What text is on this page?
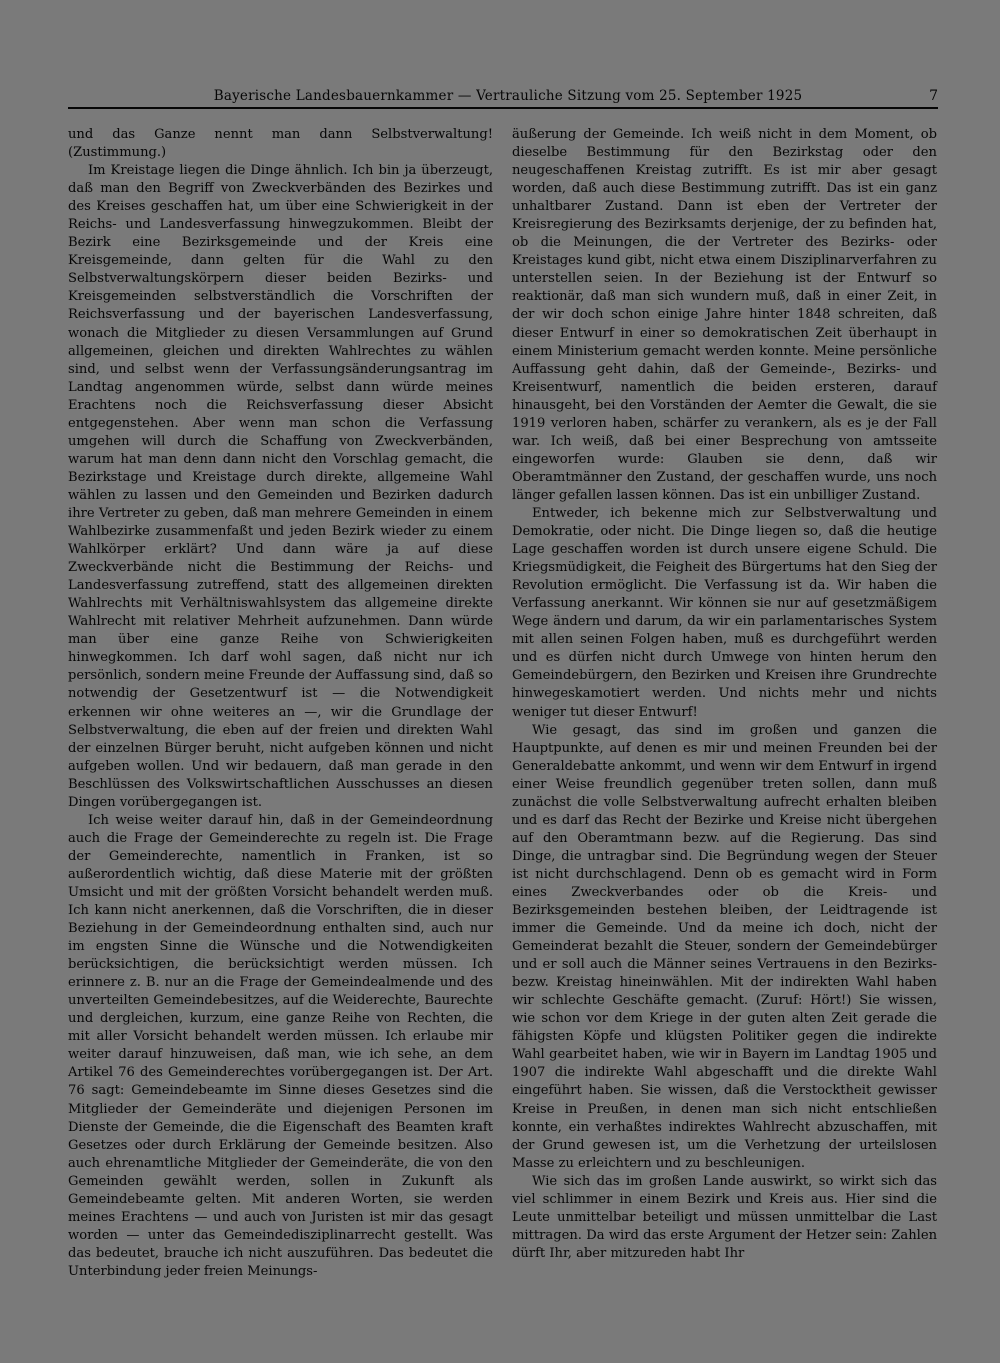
Bayerische Landesbauernkammer — Vertrauliche Sitzung vom 25. September 1925	7

und das Ganze nennt man dann Selbstverwaltung! (Zustimmung.)

Im Kreistage liegen die Dinge ähnlich. Ich bin ja überzeugt, daß man den Begriff von Zweckverbänden des Bezirkes und des Kreises geschaffen hat, um über eine Schwierigkeit in der Reichs- und Landesverfassung hinwegzukommen. Bleibt der Bezirk eine Bezirksgemeinde und der Kreis eine Kreisgemeinde, dann gelten für die Wahl zu den Selbstverwaltungskörpern dieser beiden Bezirks- und Kreisgemeinden selbstverständlich die Vorschriften der Reichsverfassung und der bayerischen Landesverfassung, wonach die Mitglieder zu diesen Versammlungen auf Grund allgemeinen, gleichen und direkten Wahlrechtes zu wählen sind, und selbst wenn der Verfassungsänderungsantrag im Landtag angenommen würde, selbst dann würde meines Erachtens noch die Reichsverfassung dieser Absicht entgegenstehen. Aber wenn man schon die Verfassung umgehen will durch die Schaffung von Zweckverbänden, warum hat man denn dann nicht den Vorschlag gemacht, die Bezirkstage und Kreistage durch direkte, allgemeine Wahl wählen zu lassen und den Gemeinden und Bezirken dadurch ihre Vertreter zu geben, daß man mehrere Gemeinden in einem Wahlbezirke zusammenfaßt und jeden Bezirk wieder zu einem Wahlkörper erklärt? Und dann wäre ja auf diese Zweckverbände nicht die Bestimmung der Reichs- und Landesverfassung zutreffend, statt des allgemeinen direkten Wahlrechts mit Verhältniswahlsystem das allgemeine direkte Wahlrecht mit relativer Mehrheit aufzunehmen. Dann würde man über eine ganze Reihe von Schwierigkeiten hinwegkommen. Ich darf wohl sagen, daß nicht nur ich persönlich, sondern meine Freunde der Auffassung sind, daß so notwendig der Gesetzentwurf ist — die Notwendigkeit erkennen wir ohne weiteres an —, wir die Grundlage der Selbstverwaltung, die eben auf der freien und direkten Wahl der einzelnen Bürger beruht, nicht aufgeben können und nicht aufgeben wollen. Und wir bedauern, daß man gerade in den Beschlüssen des Volkswirtschaftlichen Ausschusses an diesen Dingen vorübergegangen ist.

Ich weise weiter darauf hin, daß in der Gemeindeordnung auch die Frage der Gemeinderechte zu regeln ist. Die Frage der Gemeinderechte, namentlich in Franken, ist so außerordentlich wichtig, daß diese Materie mit der größten Umsicht und mit der größten Vorsicht behandelt werden muß. Ich kann nicht anerkennen, daß die Vorschriften, die in dieser Beziehung in der Gemeindeordnung enthalten sind, auch nur im engsten Sinne die Wünsche und die Notwendigkeiten berücksichtigen, die berücksichtigt werden müssen. Ich erinnere z. B. nur an die Frage der Gemeindealmende und des unverteilten Gemeindebesitzes, auf die Weiderechte, Baurechte und dergleichen, kurzum, eine ganze Reihe von Rechten, die mit aller Vorsicht behandelt werden müssen. Ich erlaube mir weiter darauf hinzuweisen, daß man, wie ich sehe, an dem Artikel 76 des Gemeinderechtes vorübergegangen ist. Der Art. 76 sagt: Gemeindebeamte im Sinne dieses Gesetzes sind die Mitglieder der Gemeinderäte und diejenigen Personen im Dienste der Gemeinde, die die Eigenschaft des Beamten kraft Gesetzes oder durch Erklärung der Gemeinde besitzen. Also auch ehrenamtliche Mitglieder der Gemeinderäte, die von den Gemeinden gewählt werden, sollen in Zukunft als Gemeindebeamte gelten. Mit anderen Worten, sie werden meines Erachtens — und auch von Juristen ist mir das gesagt worden — unter das Gemeindedisziplinarrecht gestellt. Was das bedeutet, brauche ich nicht auszuführen. Das bedeutet die Unterbindung jeder freien Meinungs-

äußerung der Gemeinde. Ich weiß nicht in dem Moment, ob dieselbe Bestimmung für den Bezirkstag oder den neugeschaffenen Kreistag zutrifft. Es ist mir aber gesagt worden, daß auch diese Bestimmung zutrifft. Das ist ein ganz unhaltbarer Zustand. Dann ist eben der Vertreter der Kreisregierung des Bezirksamts derjenige, der zu befinden hat, ob die Meinungen, die der Vertreter des Bezirks- oder Kreistages kund gibt, nicht etwa einem Disziplinarverfahren zu unterstellen seien. In der Beziehung ist der Entwurf so reaktionär, daß man sich wundern muß, daß in einer Zeit, in der wir doch schon einige Jahre hinter 1848 schreiten, daß dieser Entwurf in einer so demokratischen Zeit überhaupt in einem Ministerium gemacht werden konnte. Meine persönliche Auffassung geht dahin, daß der Gemeinde-, Bezirks- und Kreisentwurf, namentlich die beiden ersteren, darauf hinausgeht, bei den Vorständen der Aemter die Gewalt, die sie 1919 verloren haben, schärfer zu verankern, als es je der Fall war. Ich weiß, daß bei einer Besprechung von amtsseite eingeworfen wurde: Glauben sie denn, daß wir Oberamtmänner den Zustand, der geschaffen wurde, uns noch länger gefallen lassen können. Das ist ein unbilliger Zustand.

Entweder, ich bekenne mich zur Selbstverwaltung und Demokratie, oder nicht. Die Dinge liegen so, daß die heutige Lage geschaffen worden ist durch unsere eigene Schuld. Die Kriegsmüdigkeit, die Feigheit des Bürgertums hat den Sieg der Revolution ermöglicht. Die Verfassung ist da. Wir haben die Verfassung anerkannt. Wir können sie nur auf gesetzmäßigem Wege ändern und darum, da wir ein parlamentarisches System mit allen seinen Folgen haben, muß es durchgeführt werden und es dürfen nicht durch Umwege von hinten herum den Gemeindebürgern, den Bezirken und Kreisen ihre Grundrechte hinwegeskamotiert werden. Und nichts mehr und nichts weniger tut dieser Entwurf!

Wie gesagt, das sind im großen und ganzen die Hauptpunkte, auf denen es mir und meinen Freunden bei der Generaldebatte ankommt, und wenn wir dem Entwurf in irgend einer Weise freundlich gegenüber treten sollen, dann muß zunächst die volle Selbstverwaltung aufrecht erhalten bleiben und es darf das Recht der Bezirke und Kreise nicht übergehen auf den Oberamtmann bezw. auf die Regierung. Das sind Dinge, die untragbar sind. Die Begründung wegen der Steuer ist nicht durchschlagend. Denn ob es gemacht wird in Form eines Zweckverbandes oder ob die Kreis- und Bezirksgemeinden bestehen bleiben, der Leidtragende ist immer die Gemeinde. Und da meine ich doch, nicht der Gemeinderat bezahlt die Steuer, sondern der Gemeindebürger und er soll auch die Männer seines Vertrauens in den Bezirks- bezw. Kreistag hineinwählen. Mit der indirekten Wahl haben wir schlechte Geschäfte gemacht. (Zuruf: Hört!) Sie wissen, wie schon vor dem Kriege in der guten alten Zeit gerade die fähigsten Köpfe und klügsten Politiker gegen die indirekte Wahl gearbeitet haben, wie wir in Bayern im Landtag 1905 und 1907 die indirekte Wahl abgeschafft und die direkte Wahl eingeführt haben. Sie wissen, daß die Verstocktheit gewisser Kreise in Preußen, in denen man sich nicht entschließen konnte, ein verhaßtes indirektes Wahlrecht abzuschaffen, mit der Grund gewesen ist, um die Verhetzung der urteilslosen Masse zu erleichtern und zu beschleunigen.

Wie sich das im großen Lande auswirkt, so wirkt sich das viel schlimmer in einem Bezirk und Kreis aus. Hier sind die Leute unmittelbar beteiligt und müssen unmittelbar die Last mittragen. Da wird das erste Argument der Hetzer sein: Zahlen dürft Ihr, aber mitzureden habt Ihr
